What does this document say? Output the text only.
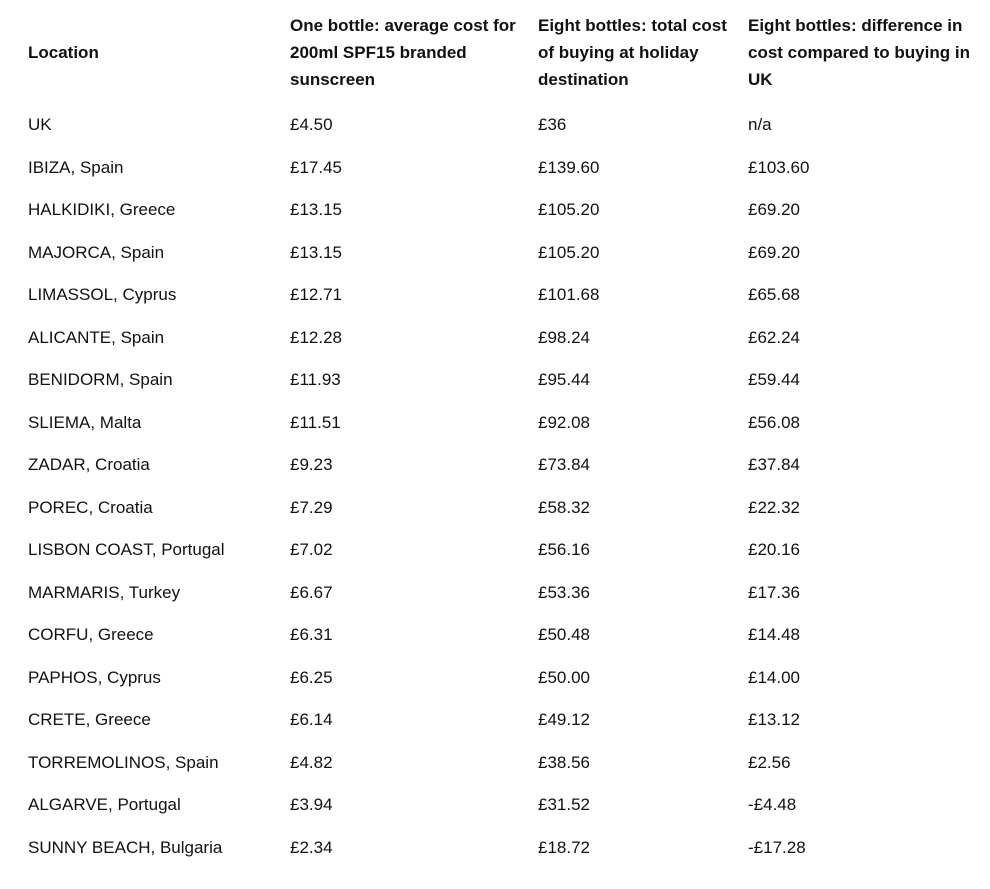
Location	One bottle: average cost for 200ml SPF15 branded sunscreen	Eight bottles: total cost of buying at holiday destination	Eight bottles: difference in cost compared to buying in UK
UK	£4.50	£36	n/a
IBIZA, Spain	£17.45	£139.60	£103.60
HALKIDIKI, Greece	£13.15	£105.20	£69.20
MAJORCA, Spain	£13.15	£105.20	£69.20
LIMASSOL, Cyprus	£12.71	£101.68	£65.68
ALICANTE, Spain	£12.28	£98.24	£62.24
BENIDORM, Spain	£11.93	£95.44	£59.44
SLIEMA, Malta	£11.51	£92.08	£56.08
ZADAR, Croatia	£9.23	£73.84	£37.84
POREC, Croatia	£7.29	£58.32	£22.32
LISBON COAST, Portugal	£7.02	£56.16	£20.16
MARMARIS, Turkey	£6.67	£53.36	£17.36
CORFU, Greece	£6.31	£50.48	£14.48
PAPHOS, Cyprus	£6.25	£50.00	£14.00
CRETE, Greece	£6.14	£49.12	£13.12
TORREMOLINOS, Spain	£4.82	£38.56	£2.56
ALGARVE, Portugal	£3.94	£31.52	-£4.48
SUNNY BEACH, Bulgaria	£2.34	£18.72	-£17.28
